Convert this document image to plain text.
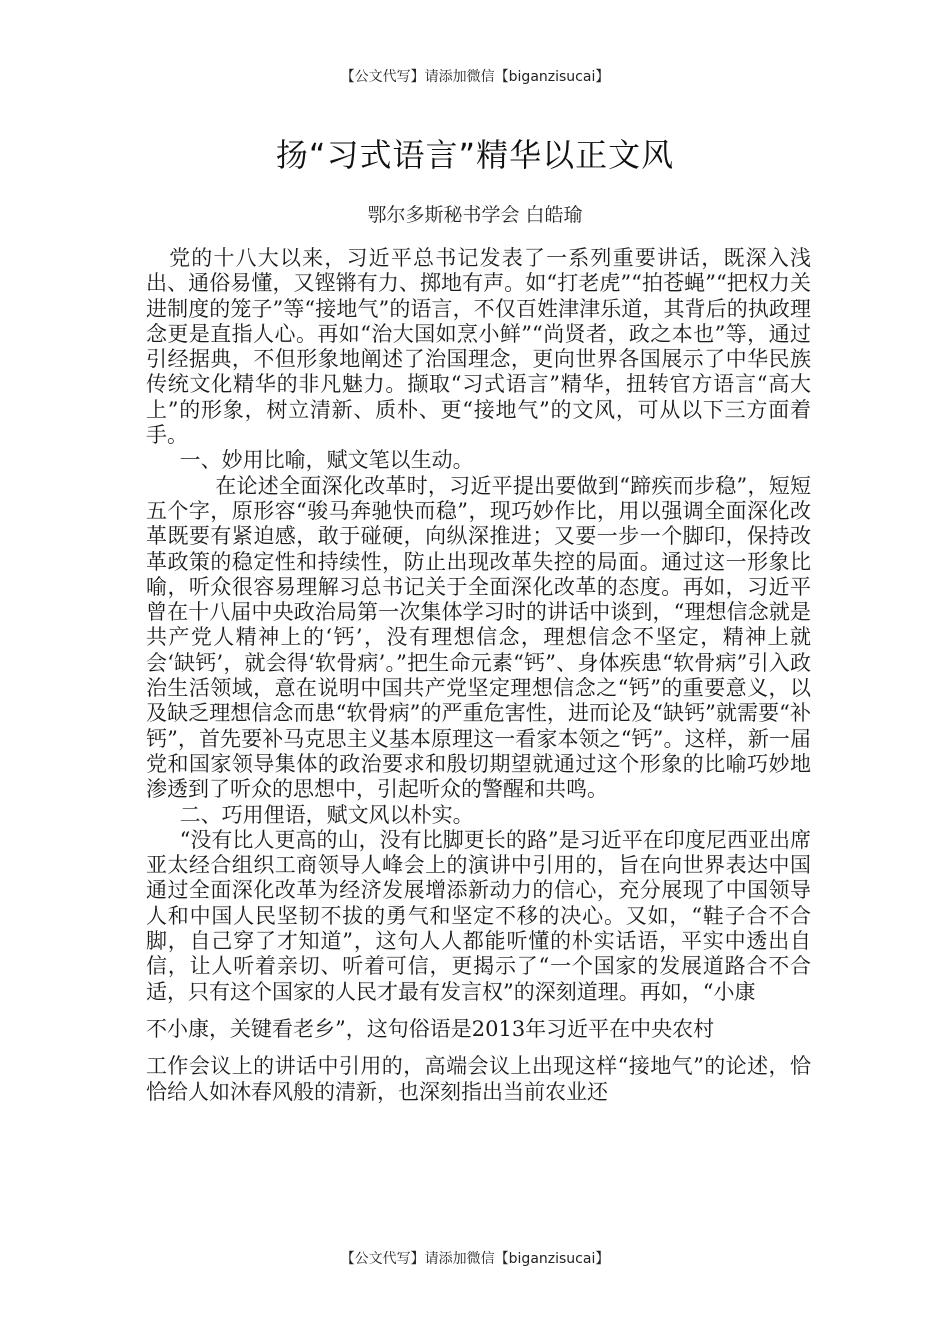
【公文代写】请添加微信【biganzisucai】
扬“习式语言”精华以正文风
鄂尔多斯秘书学会 白皓瑜

党的十八大以来，习近平总书记发表了一系列重要讲话，既深入浅出、通俗易懂，又铿锵有力、掷地有声。如“打老虎”“拍苍蝇”“把权力关进制度的笼子”等“接地气”的语言，不仅百姓津津乐道，其背后的执政理念更是直指人心。再如“治大国如烹小鲜”“尚贤者，政之本也”等，通过引经据典，不但形象地阐述了治国理念，更向世界各国展示了中华民族传统文化精华的非凡魅力。撷取“习式语言”精华，扭转官方语言“高大上”的形象，树立清新、质朴、更“接地气”的文风，可从以下三方面着手。

一、妙用比喻，赋文笔以生动。

在论述全面深化改革时，习近平提出要做到“蹄疾而步稳”，短短五个字，原形容“骏马奔驰快而稳”，现巧妙作比，用以强调全面深化改革既要有紧迫感，敢于碰硬，向纵深推进；又要一步一个脚印，保持改革政策的稳定性和持续性，防止出现改革失控的局面。通过这一形象比喻，听众很容易理解习总书记关于全面深化改革的态度。再如，习近平曾在十八届中央政治局第一次集体学习时的讲话中谈到，“理想信念就是共产党人精神上的‘钙’，没有理想信念，理想信念不坚定，精神上就会‘缺钙’，就会得‘软骨病’。”把生命元素“钙”、身体疾患“软骨病”引入政治生活领域，意在说明中国共产党坚定理想信念之“钙”的重要意义，以及缺乏理想信念而患“软骨病”的严重危害性，进而论及“缺钙”就需要“补钙”，首先要补马克思主义基本原理这一看家本领之“钙”。这样，新一届党和国家领导集体的政治要求和殷切期望就通过这个形象的比喻巧妙地渗透到了听众的思想中，引起听众的警醒和共鸣。

二、巧用俚语，赋文风以朴实。

“没有比人更高的山，没有比脚更长的路”是习近平在印度尼西亚出席亚太经合组织工商领导人峰会上的演讲中引用的，旨在向世界表达中国通过全面深化改革为经济发展增添新动力的信心，充分展现了中国领导人和中国人民坚韧不拔的勇气和坚定不移的决心。又如，“鞋子合不合脚，自己穿了才知道”，这句人人都能听懂的朴实话语，平实中透出自信，让人听着亲切、听着可信，更揭示了“一个国家的发展道路合不合适，只有这个国家的人民才最有发言权”的深刻道理。再如，“小康

不小康，关键看老乡”，这句俗语是2013年习近平在中央农村

工作会议上的讲话中引用的，高端会议上出现这样“接地气”的论述，恰恰给人如沐春风般的清新，也深刻指出当前农业还

【公文代写】请添加微信【biganzisucai】
